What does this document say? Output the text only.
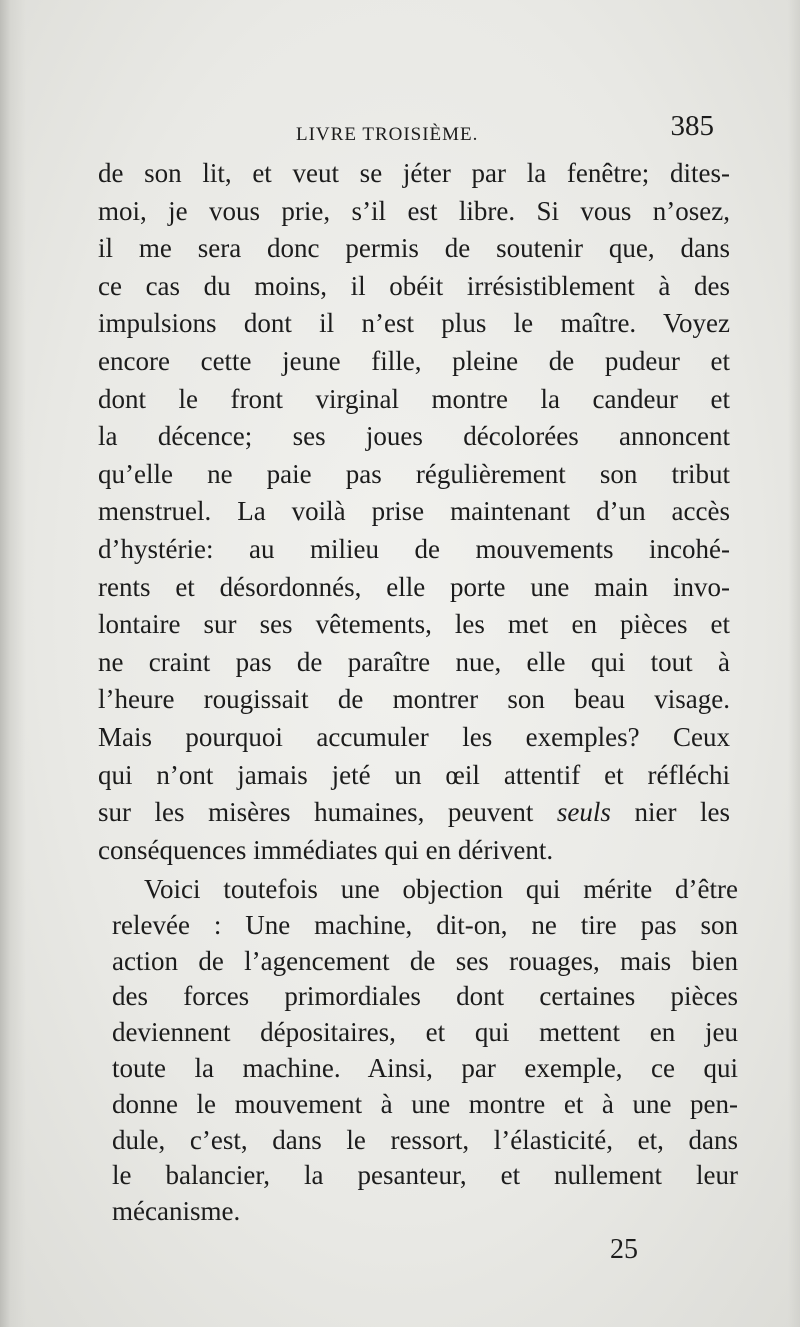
LIVRE TROISIÈME.	385
de son lit, et veut se jéter par la fenêtre; dites-
moi, je vous prie, s’il est libre. Si vous n’osez,
il me sera donc permis de soutenir que, dans
ce cas du moins, il obéit irrésistiblement à des
impulsions dont il n’est plus le maître. Voyez
encore cette jeune fille, pleine de pudeur et
dont le front virginal montre la candeur et
la décence; ses joues décolorées annoncent
qu’elle ne paie pas régulièrement son tribut
menstruel. La voilà prise maintenant d’un accès
d’hystérie: au milieu de mouvements incohé-
rents et désordonnés, elle porte une main invo-
lontaire sur ses vêtements, les met en pièces et
ne craint pas de paraître nue, elle qui tout à
l’heure rougissait de montrer son beau visage.
Mais pourquoi accumuler les exemples? Ceux
qui n’ont jamais jeté un œil attentif et réfléchi
sur les misères humaines, peuvent seuls nier les
conséquences immédiates qui en dérivent.
Voici toutefois une objection qui mérite d’être
relevée : Une machine, dit-on, ne tire pas son
action de l’agencement de ses rouages, mais bien
des forces primordiales dont certaines pièces
deviennent dépositaires, et qui mettent en jeu
toute la machine. Ainsi, par exemple, ce qui
donne le mouvement à une montre et à une pen-
dule, c’est, dans le ressort, l’élasticité, et, dans
le balancier, la pesanteur, et nullement leur
mécanisme.
25
